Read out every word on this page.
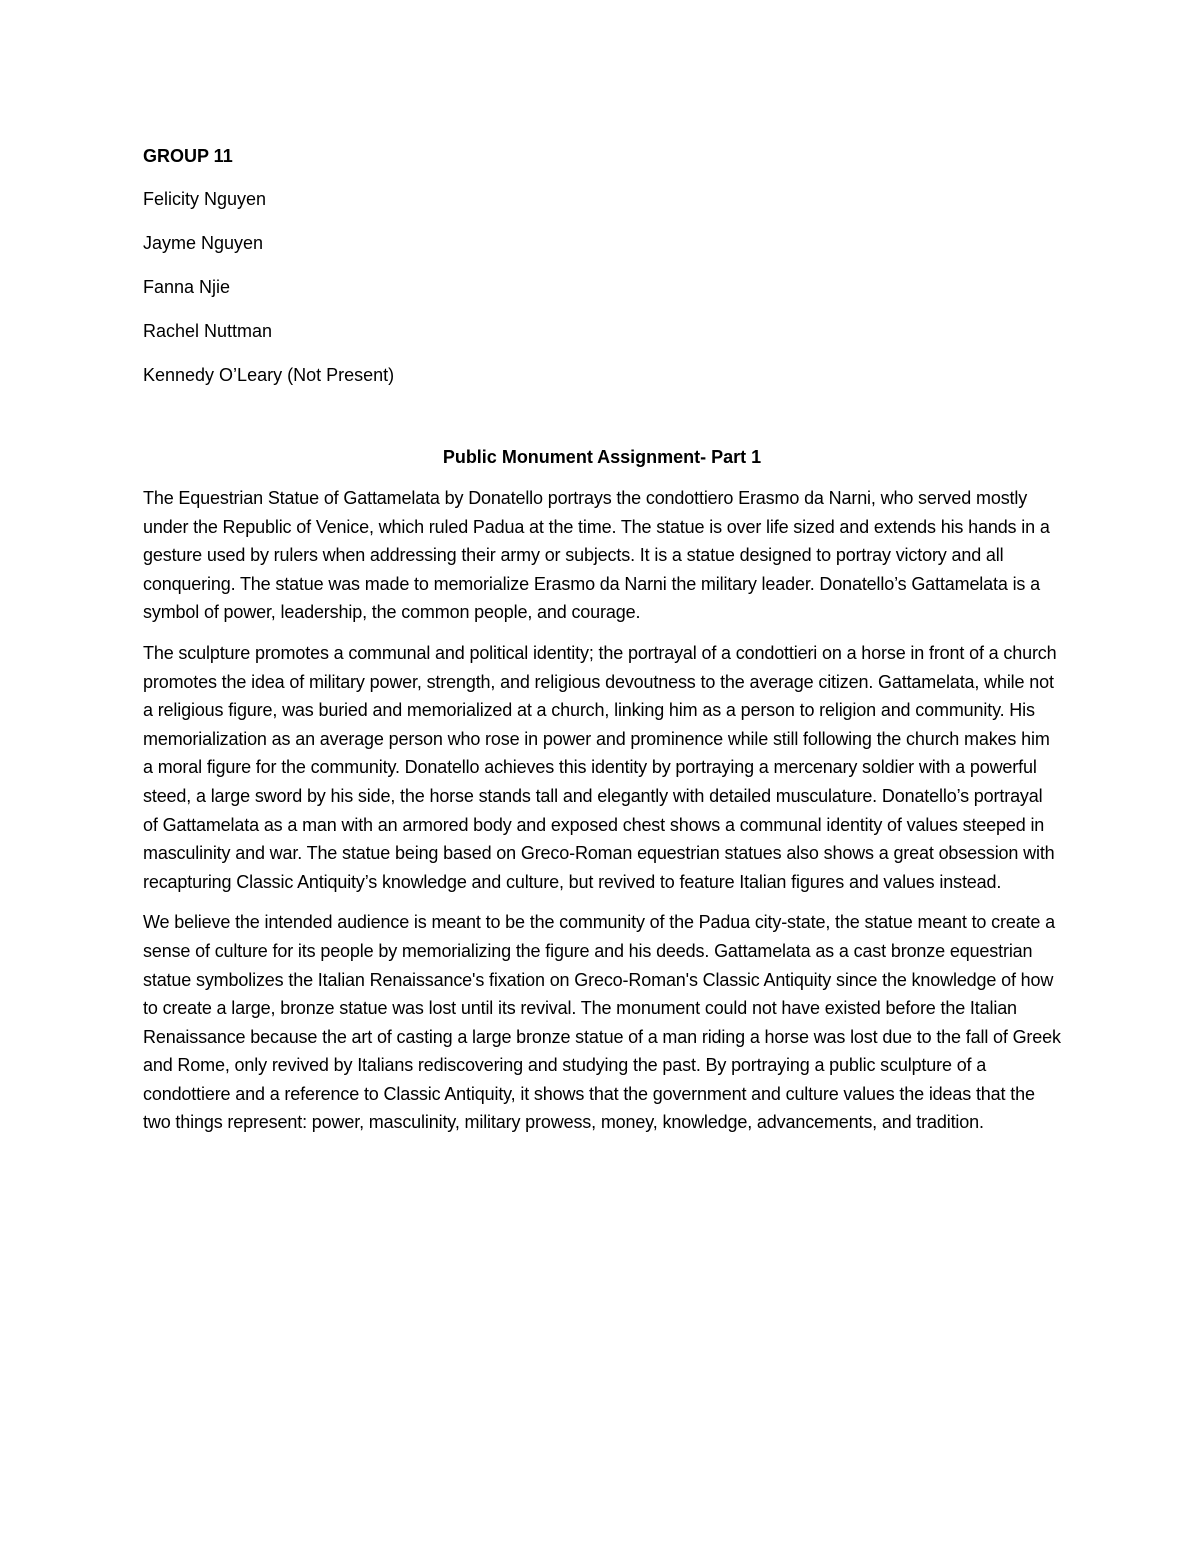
GROUP 11
Felicity Nguyen
Jayme Nguyen
Fanna Njie
Rachel Nuttman
Kennedy O’Leary (Not Present)
Public Monument Assignment- Part 1

The Equestrian Statue of Gattamelata by Donatello portrays the condottiero Erasmo da Narni, who served mostly under the Republic of Venice, which ruled Padua at the time. The statue is over life sized and extends his hands in a gesture used by rulers when addressing their army or subjects. It is a statue designed to portray victory and all conquering. The statue was made to memorialize Erasmo da Narni the military leader. Donatello’s Gattamelata is a symbol of power, leadership, the common people, and courage.

The sculpture promotes a communal and political identity; the portrayal of a condottieri on a horse in front of a church promotes the idea of military power, strength, and religious devoutness to the average citizen. Gattamelata, while not a religious figure, was buried and memorialized at a church, linking him as a person to religion and community. His memorialization as an average person who rose in power and prominence while still following the church makes him a moral figure for the community. Donatello achieves this identity by portraying a mercenary soldier with a powerful steed, a large sword by his side, the horse stands tall and elegantly with detailed musculature. Donatello’s portrayal of Gattamelata as a man with an armored body and exposed chest shows a communal identity of values steeped in masculinity and war. The statue being based on Greco-Roman equestrian statues also shows a great obsession with recapturing Classic Antiquity’s knowledge and culture, but revived to feature Italian figures and values instead.

We believe the intended audience is meant to be the community of the Padua city-state, the statue meant to create a sense of culture for its people by memorializing the figure and his deeds. Gattamelata as a cast bronze equestrian statue symbolizes the Italian Renaissance's fixation on Greco-Roman's Classic Antiquity since the knowledge of how to create a large, bronze statue was lost until its revival. The monument could not have existed before the Italian Renaissance because the art of casting a large bronze statue of a man riding a horse was lost due to the fall of Greek and Rome, only revived by Italians rediscovering and studying the past. By portraying a public sculpture of a condottiere and a reference to Classic Antiquity, it shows that the government and culture values the ideas that the two things represent: power, masculinity, military prowess, money, knowledge, advancements, and tradition.
